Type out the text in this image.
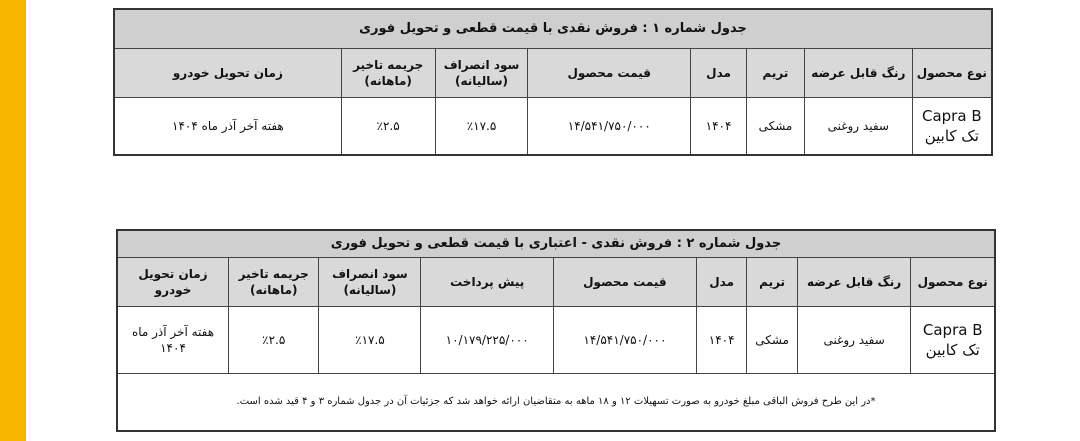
جدول شماره ۱ : فروش نقدی با قیمت قطعی و تحویل فوری							
نوع محصول	رنگ قابل عرضه	تریم	مدل	قیمت محصول	سود انصراف (سالیانه)	جریمه تاخیر (ماهانه)	زمان تحویل خودرو

Capra B
تک کابین	سفید روغنی	مشکی	۱۴۰۴	۱۴/۵۴۱/۷۵۰/۰۰۰	٪۱۷.۵	٪۲.۵	هفته آخر آذر ماه ۱۴۰۴
جدول شماره ۲ : فروش نقدی - اعتباری با قیمت قطعی و تحویل فوری								
نوع محصول	رنگ قابل عرضه	تریم	مدل	قیمت محصول	پیش پرداخت	سود انصراف (سالیانه)	جریمه تاخیر (ماهانه)	زمان تحویل خودرو

Capra B
تک کابین	سفید روغنی	مشکی	۱۴۰۴	۱۴/۵۴۱/۷۵۰/۰۰۰	۱۰/۱۷۹/۲۲۵/۰۰۰	٪۱۷.۵	٪۲.۵	هفته آخر آذر ماه ۱۴۰۴
*در این طرح فروش الباقی مبلغ خودرو به صورت تسهیلات ۱۲ و ۱۸ ماهه به متقاضیان ارائه خواهد شد که جزئیات آن در جدول شماره ۳ و ۴ قید شده است.								
